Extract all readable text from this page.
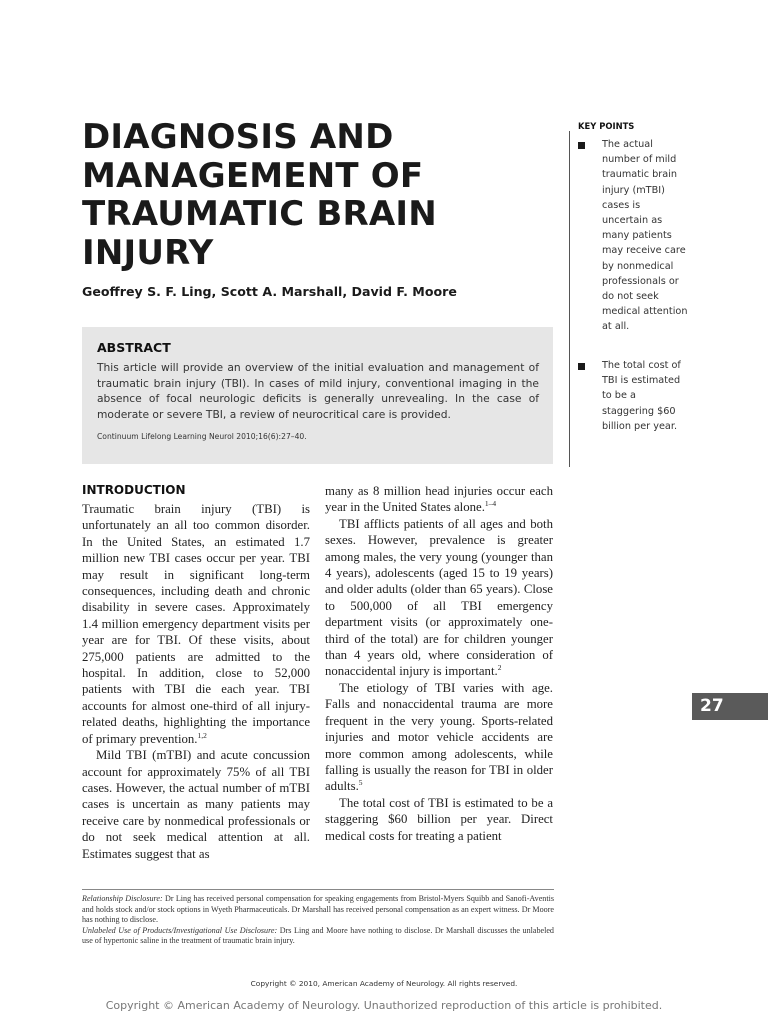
DIAGNOSIS AND
MANAGEMENT OF
TRAUMATIC BRAIN
INJURY

Geoffrey S. F. Ling, Scott A. Marshall, David F. Moore

ABSTRACT

This article will provide an overview of the initial evaluation and management of traumatic brain injury (TBI). In cases of mild injury, conventional imaging in the absence of focal neurologic deficits is generally unrevealing. In the case of moderate or severe TBI, a review of neurocritical care is provided.

Continuum Lifelong Learning Neurol 2010;16(6):27–40.

INTRODUCTION

Traumatic brain injury (TBI) is unfortunately an all too common disorder. In the United States, an estimated 1.7 million new TBI cases occur per year. TBI may result in significant long-term consequences, including death and chronic disability in severe cases. Approximately 1.4 million emergency department visits per year are for TBI. Of these visits, about 275,000 patients are admitted to the hospital. In addition, close to 52,000 patients with TBI die each year. TBI accounts for almost one-third of all injury-related deaths, highlighting the importance of primary prevention.$^{1,2}$

Mild TBI (mTBI) and acute concussion account for approximately 75% of all TBI cases. However, the actual number of mTBI cases is uncertain as many patients may receive care by nonmedical professionals or do not seek medical attention at all. Estimates suggest that as

many as 8 million head injuries occur each year in the United States alone.$^{1-4}$

TBI afflicts patients of all ages and both sexes. However, prevalence is greater among males, the very young (younger than 4 years), adolescents (aged 15 to 19 years) and older adults (older than 65 years). Close to 500,000 of all TBI emergency department visits (or approximately one-third of the total) are for children younger than 4 years old, where consideration of nonaccidental injury is important.$^2$

The etiology of TBI varies with age. Falls and nonaccidental trauma are more frequent in the very young. Sports-related injuries and motor vehicle accidents are more common among adolescents, while falling is usually the reason for TBI in older adults.$^5$

The total cost of TBI is estimated to be a staggering $60 billion per year. Direct medical costs for treating a patient

Relationship Disclosure: Dr Ling has received personal compensation for speaking engagements from Bristol-Myers Squibb and Sanofi-Aventis and holds stock and/or stock options in Wyeth Pharmaceuticals. Dr Marshall has received personal compensation as an expert witness. Dr Moore has nothing to disclose.

Unlabeled Use of Products/Investigational Use Disclosure: Drs Ling and Moore have nothing to disclose. Dr Marshall discusses the unlabeled use of hypertonic saline in the treatment of traumatic brain injury.

Copyright © 2010, American Academy of Neurology. All rights reserved.

Copyright © American Academy of Neurology. Unauthorized reproduction of this article is prohibited.

KEY POINTS

The actual number of mild traumatic brain injury (mTBI) cases is uncertain as many patients may receive care by nonmedical professionals or do not seek medical attention at all.
The total cost of TBI is estimated to be a staggering $60 billion per year.

27
